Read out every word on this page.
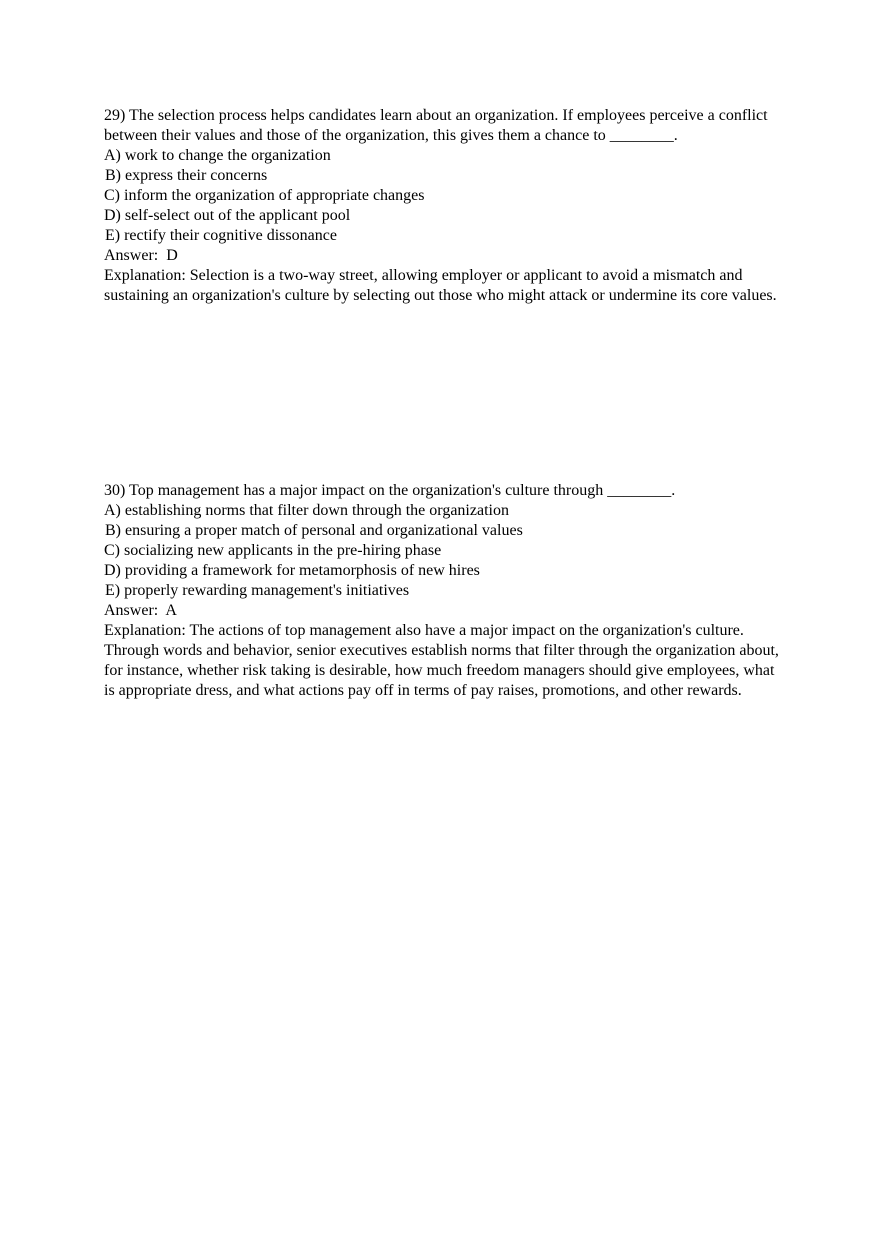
29) The selection process helps candidates learn about an organization. If employees perceive a conflict between their values and those of the organization, this gives them a chance to ________.

A) work to change the organization

B) express their concerns

C) inform the organization of appropriate changes

D) self-select out of the applicant pool

E) rectify their cognitive dissonance

Answer: D

Explanation: Selection is a two-way street, allowing employer or applicant to avoid a mismatch and sustaining an organization's culture by selecting out those who might attack or undermine its core values.

30) Top management has a major impact on the organization's culture through ________.

A) establishing norms that filter down through the organization

B) ensuring a proper match of personal and organizational values

C) socializing new applicants in the pre-hiring phase

D) providing a framework for metamorphosis of new hires

E) properly rewarding management's initiatives

Answer: A

Explanation: The actions of top management also have a major impact on the organization's culture. Through words and behavior, senior executives establish norms that filter through the organization about, for instance, whether risk taking is desirable, how much freedom managers should give employees, what is appropriate dress, and what actions pay off in terms of pay raises, promotions, and other rewards.
